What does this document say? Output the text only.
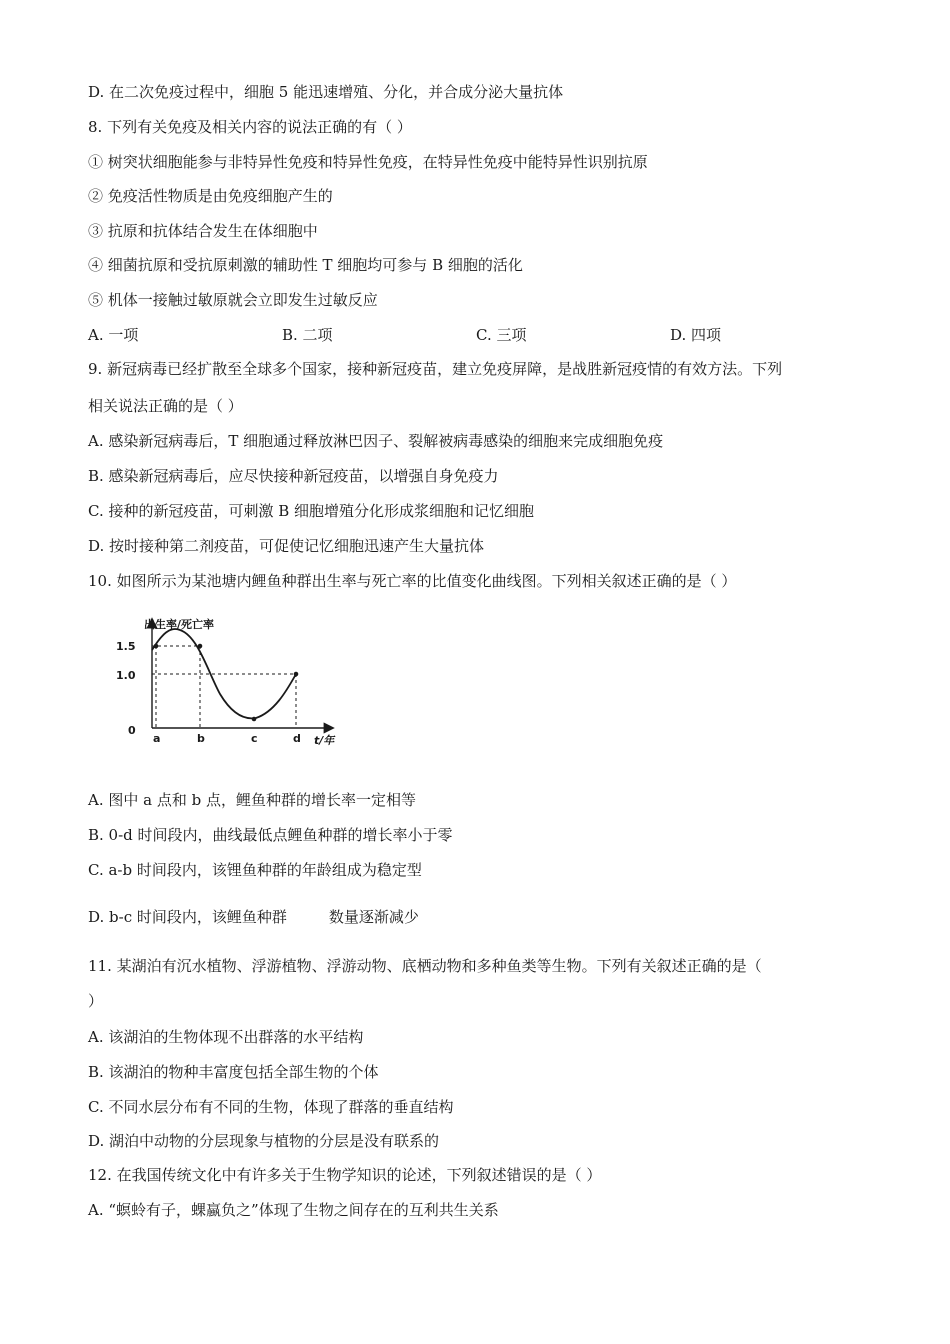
D. 在二次免疫过程中，细胞 5 能迅速增殖、分化，并合成分泌大量抗体
8. 下列有关免疫及相关内容的说法正确的有（ ）
① 树突状细胞能参与非特异性免疫和特异性免疫，在特异性免疫中能特异性识别抗原
② 免疫活性物质是由免疫细胞产生的
③ 抗原和抗体结合发生在体细胞中
④ 细菌抗原和受抗原刺激的辅助性 T 细胞均可参与 B 细胞的活化
⑤ 机体一接触过敏原就会立即发生过敏反应
A. 一项	B. 二项	C. 三项	D. 四项
9. 新冠病毒已经扩散至全球多个国家，接种新冠疫苗，建立免疫屏障，是战胜新冠疫情的有效方法。下列
相关说法正确的是（ ）
A. 感染新冠病毒后，T 细胞通过释放淋巴因子、裂解被病毒感染的细胞来完成细胞免疫
B. 感染新冠病毒后，应尽快接种新冠疫苗，以增强自身免疫力
C. 接种的新冠疫苗，可刺激 B 细胞增殖分化形成浆细胞和记忆细胞
D. 按时接种第二剂疫苗，可促使记忆细胞迅速产生大量抗体
10. 如图所示为某池塘内鲤鱼种群出生率与死亡率的比值变化曲线图。下列相关叙述正确的是（ ）
出生率/死亡率
1.5
1.0
0
a	b	c	d t/年
A. 图中 a 点和 b 点，鲤鱼种群的增长率一定相等
B. 0-d 时间段内，曲线最低点鲤鱼种群的增长率小于零
C. a-b 时间段内，该锂鱼种群的年龄组成为稳定型
D. b-c 时间段内，该鲤鱼种群	数量逐渐减少
11. 某湖泊有沉水植物、浮游植物、浮游动物、底栖动物和多种鱼类等生物。下列有关叙述正确的是（
）
A. 该湖泊的生物体现不出群落的水平结构
B. 该湖泊的物种丰富度包括全部生物的个体
C. 不同水层分布有不同的生物，体现了群落的垂直结构
D. 湖泊中动物的分层现象与植物的分层是没有联系的
12. 在我国传统文化中有许多关于生物学知识的论述，下列叙述错误的是（ ）
A. “螟蛉有子，蜾蠃负之”体现了生物之间存在的互利共生关系
